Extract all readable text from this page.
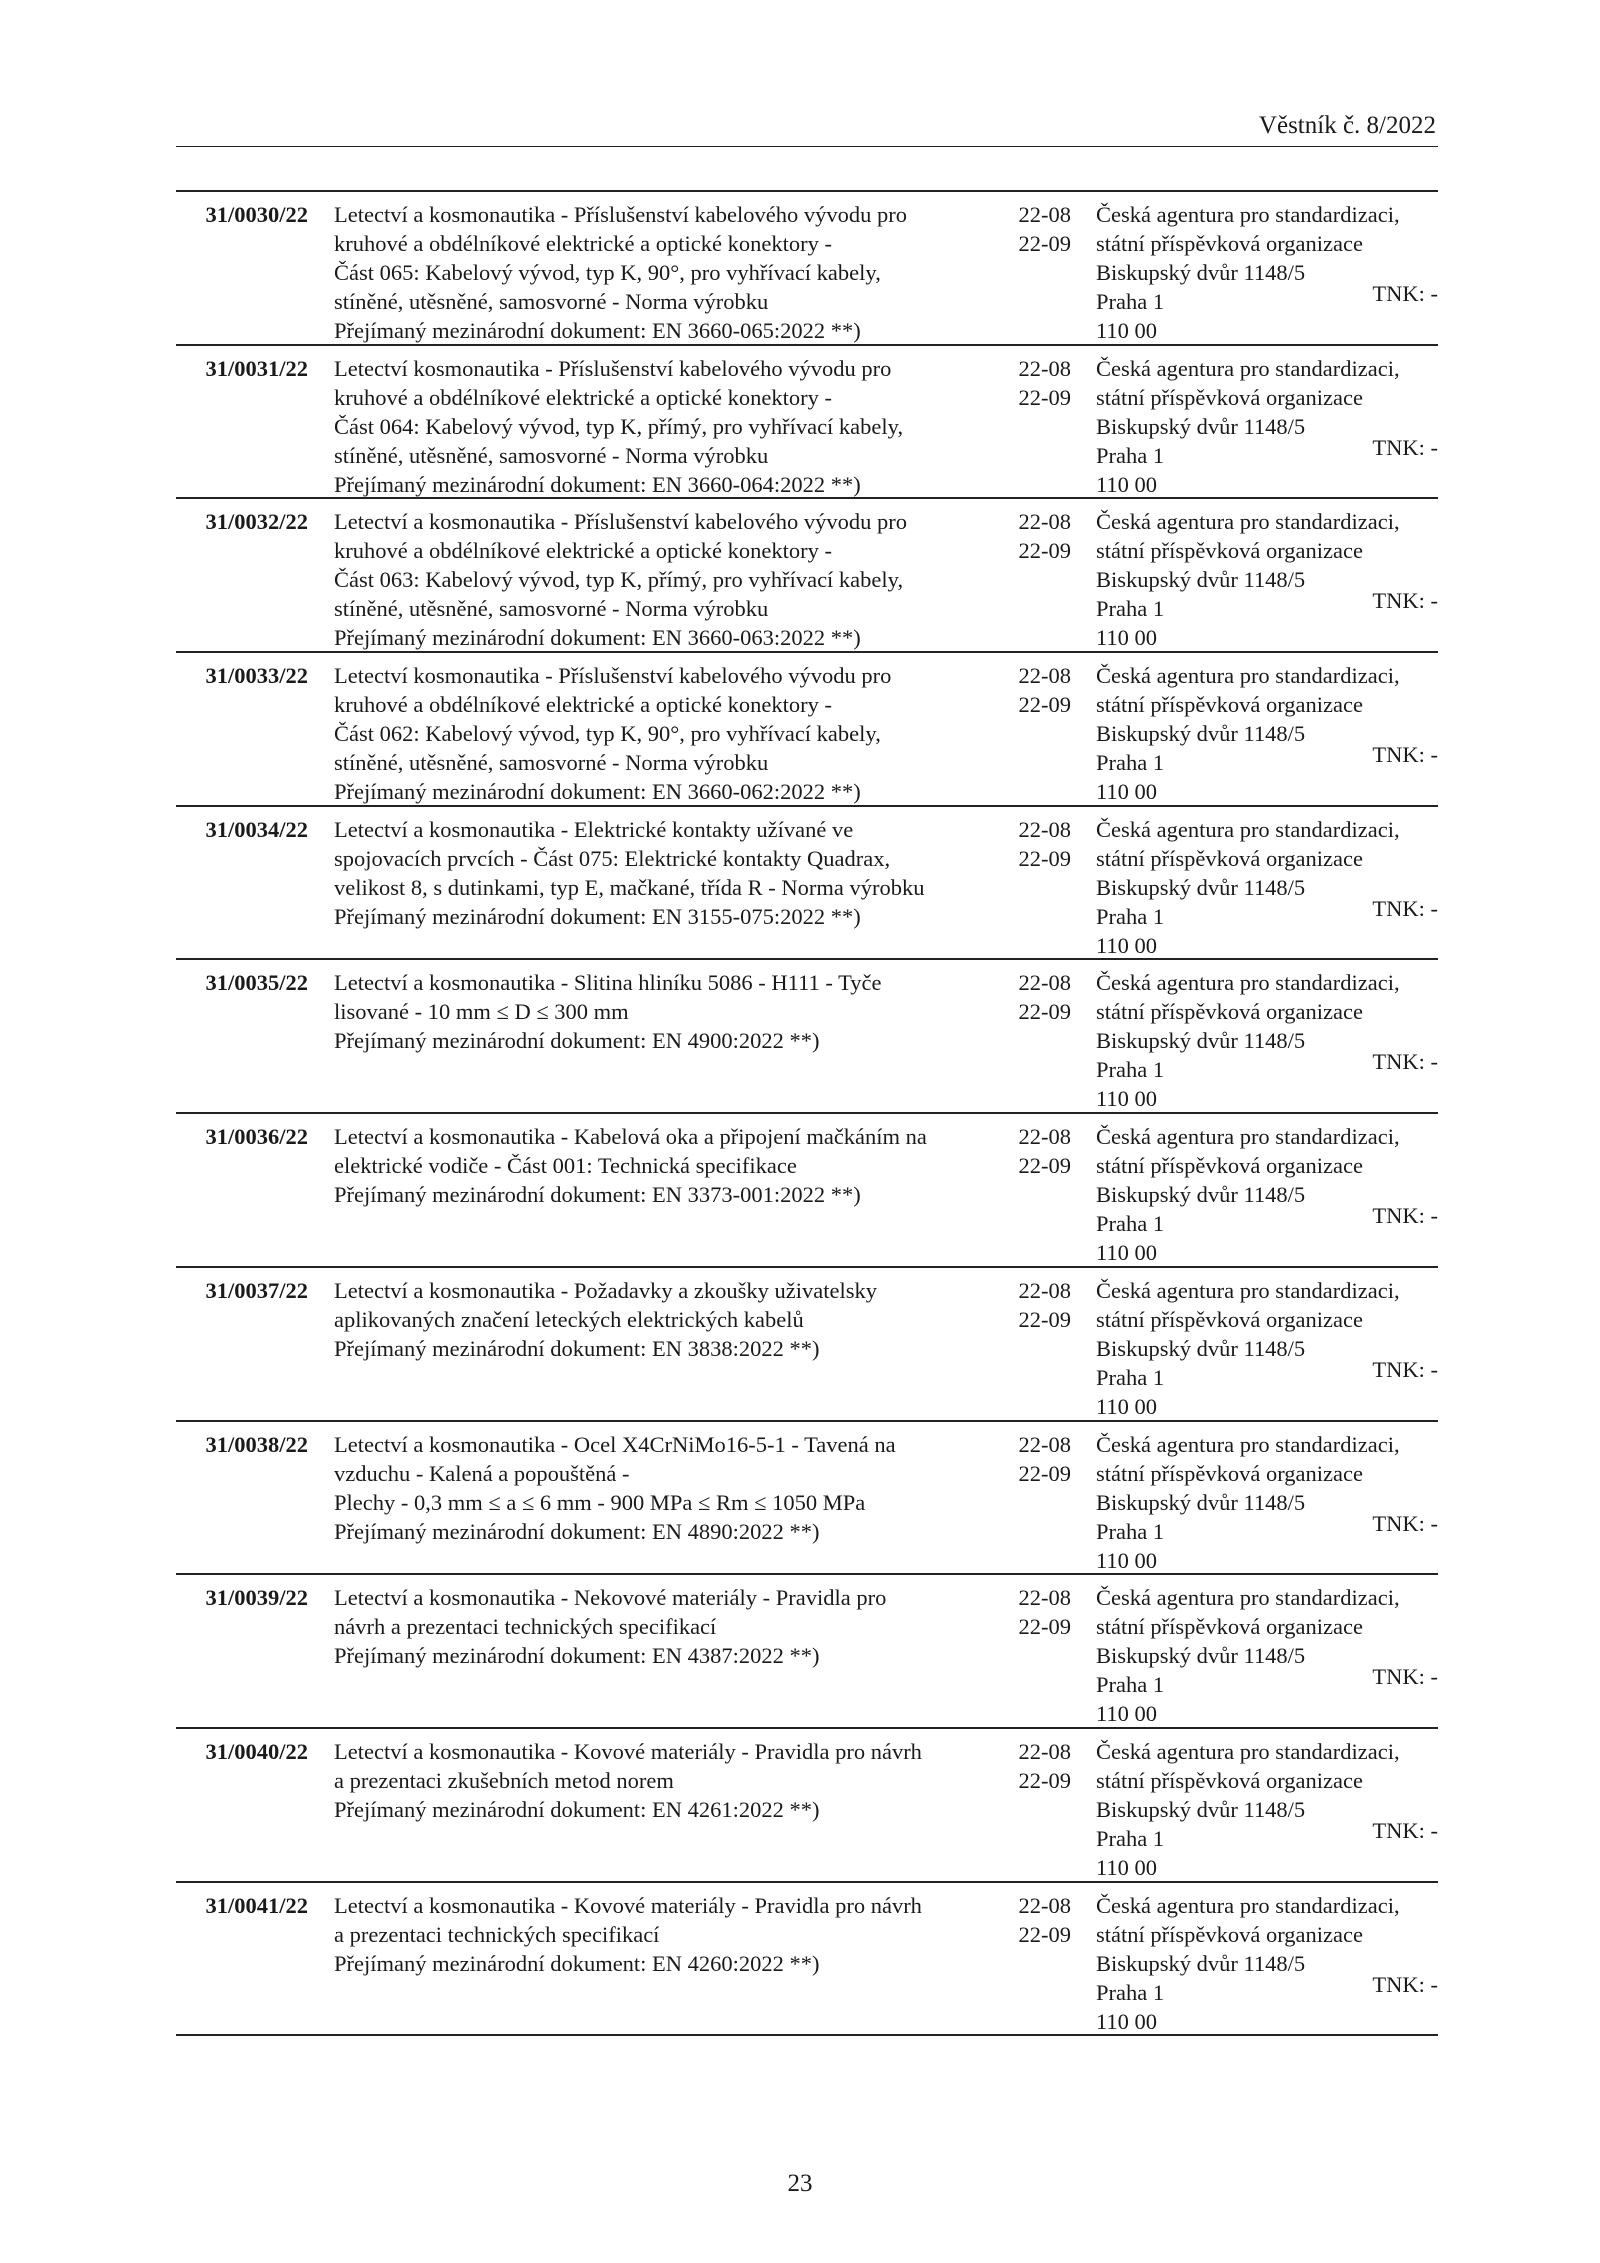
Věstník č. 8/2022
31/0030/22
TNK: -
Letectví a kosmonautika - Příslušenství kabelového vývodu pro
kruhové a obdélníkové elektrické a optické konektory -
Část 065: Kabelový vývod, typ K, 90°, pro vyhřívací kabely,
stíněné, utěsněné, samosvorné - Norma výrobku
Přejímaný mezinárodní dokument: EN 3660-065:2022 **)
22-08
22-09
Česká agentura pro standardizaci,
státní příspěvková organizace
Biskupský dvůr 1148/5
Praha 1
110 00
31/0031/22
TNK: -
Letectví kosmonautika - Příslušenství kabelového vývodu pro
kruhové a obdélníkové elektrické a optické konektory -
Část 064: Kabelový vývod, typ K, přímý, pro vyhřívací kabely,
stíněné, utěsněné, samosvorné - Norma výrobku
Přejímaný mezinárodní dokument: EN 3660-064:2022 **)
22-08
22-09
Česká agentura pro standardizaci,
státní příspěvková organizace
Biskupský dvůr 1148/5
Praha 1
110 00
31/0032/22
TNK: -
Letectví a kosmonautika - Příslušenství kabelového vývodu pro
kruhové a obdélníkové elektrické a optické konektory -
Část 063: Kabelový vývod, typ K, přímý, pro vyhřívací kabely,
stíněné, utěsněné, samosvorné - Norma výrobku
Přejímaný mezinárodní dokument: EN 3660-063:2022 **)
22-08
22-09
Česká agentura pro standardizaci,
státní příspěvková organizace
Biskupský dvůr 1148/5
Praha 1
110 00
31/0033/22
TNK: -
Letectví kosmonautika - Příslušenství kabelového vývodu pro
kruhové a obdélníkové elektrické a optické konektory -
Část 062: Kabelový vývod, typ K, 90°, pro vyhřívací kabely,
stíněné, utěsněné, samosvorné - Norma výrobku
Přejímaný mezinárodní dokument: EN 3660-062:2022 **)
22-08
22-09
Česká agentura pro standardizaci,
státní příspěvková organizace
Biskupský dvůr 1148/5
Praha 1
110 00
31/0034/22
TNK: -
Letectví a kosmonautika - Elektrické kontakty užívané ve
spojovacích prvcích - Část 075: Elektrické kontakty Quadrax,
velikost 8, s dutinkami, typ E, mačkané, třída R - Norma výrobku
Přejímaný mezinárodní dokument: EN 3155-075:2022 **)
22-08
22-09
Česká agentura pro standardizaci,
státní příspěvková organizace
Biskupský dvůr 1148/5
Praha 1
110 00
31/0035/22
TNK: -
Letectví a kosmonautika - Slitina hliníku 5086 - H111 - Tyče
lisované - 10 mm ≤ D ≤ 300 mm
Přejímaný mezinárodní dokument: EN 4900:2022 **)
22-08
22-09
Česká agentura pro standardizaci,
státní příspěvková organizace
Biskupský dvůr 1148/5
Praha 1
110 00
31/0036/22
TNK: -
Letectví a kosmonautika - Kabelová oka a připojení mačkáním na
elektrické vodiče - Část 001: Technická specifikace
Přejímaný mezinárodní dokument: EN 3373-001:2022 **)
22-08
22-09
Česká agentura pro standardizaci,
státní příspěvková organizace
Biskupský dvůr 1148/5
Praha 1
110 00
31/0037/22
TNK: -
Letectví a kosmonautika - Požadavky a zkoušky uživatelsky
aplikovaných značení leteckých elektrických kabelů
Přejímaný mezinárodní dokument: EN 3838:2022 **)
22-08
22-09
Česká agentura pro standardizaci,
státní příspěvková organizace
Biskupský dvůr 1148/5
Praha 1
110 00
31/0038/22
TNK: -
Letectví a kosmonautika - Ocel X4CrNiMo16-5-1 - Tavená na
vzduchu - Kalená a popouštěná -
Plechy - 0,3 mm ≤ a ≤ 6 mm - 900 MPa ≤ Rm ≤ 1050 MPa
Přejímaný mezinárodní dokument: EN 4890:2022 **)
22-08
22-09
Česká agentura pro standardizaci,
státní příspěvková organizace
Biskupský dvůr 1148/5
Praha 1
110 00
31/0039/22
TNK: -
Letectví a kosmonautika - Nekovové materiály - Pravidla pro
návrh a prezentaci technických specifikací
Přejímaný mezinárodní dokument: EN 4387:2022 **)
22-08
22-09
Česká agentura pro standardizaci,
státní příspěvková organizace
Biskupský dvůr 1148/5
Praha 1
110 00
31/0040/22
TNK: -
Letectví a kosmonautika - Kovové materiály - Pravidla pro návrh
a prezentaci zkušebních metod norem
Přejímaný mezinárodní dokument: EN 4261:2022 **)
22-08
22-09
Česká agentura pro standardizaci,
státní příspěvková organizace
Biskupský dvůr 1148/5
Praha 1
110 00
31/0041/22
TNK: -
Letectví a kosmonautika - Kovové materiály - Pravidla pro návrh
a prezentaci technických specifikací
Přejímaný mezinárodní dokument: EN 4260:2022 **)
22-08
22-09
Česká agentura pro standardizaci,
státní příspěvková organizace
Biskupský dvůr 1148/5
Praha 1
110 00
23
